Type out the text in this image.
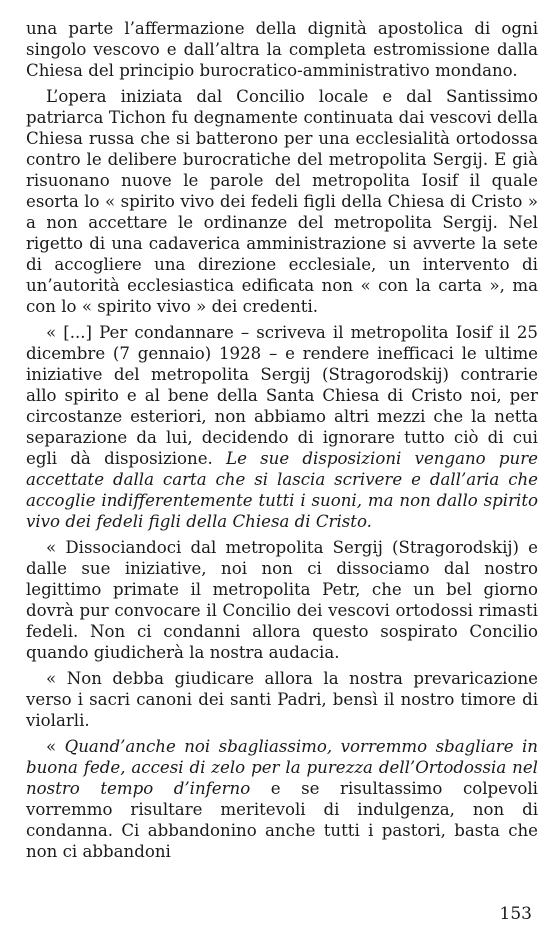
una parte l’affermazione della dignità apostolica di ogni singolo vescovo e dall’altra la completa estromissione dalla Chiesa del principio burocratico-amministrativo mondano.

L’opera iniziata dal Concilio locale e dal Santissimo patriarca Tichon fu degnamente continuata dai vescovi della Chiesa russa che si batterono per una ecclesialità ortodossa contro le delibere burocratiche del metropolita Sergij. E già risuonano nuove le parole del metropolita Iosif il quale esorta lo « spirito vivo dei fedeli figli della Chiesa di Cristo » a non accettare le ordinanze del metropolita Sergij. Nel rigetto di una cadaverica amministrazione si avverte la sete di accogliere una direzione ecclesiale, un intervento di un’autorità ecclesiastica edificata non « con la carta », ma con lo « spirito vivo » dei credenti.

« [...] Per condannare – scriveva il metropolita Iosif il 25 dicembre (7 gennaio) 1928 – e rendere inefficaci le ultime iniziative del metropolita Sergij (Stragorodskij) contrarie allo spirito e al bene della Santa Chiesa di Cristo noi, per circostanze esteriori, non abbiamo altri mezzi che la netta separazione da lui, decidendo di ignorare tutto ciò di cui egli dà disposizione. Le sue disposizioni vengano pure accettate dalla carta che si lascia scrivere e dall’aria che accoglie indifferentemente tutti i suoni, ma non dallo spirito vivo dei fedeli figli della Chiesa di Cristo.

« Dissociandoci dal metropolita Sergij (Stragorodskij) e dalle sue iniziative, noi non ci dissociamo dal nostro legittimo primate il metropolita Petr, che un bel giorno dovrà pur convocare il Concilio dei vescovi ortodossi rimasti fedeli. Non ci condanni allora questo sospirato Concilio quando giudicherà la nostra audacia.

« Non debba giudicare allora la nostra prevaricazione verso i sacri canoni dei santi Padri, bensì il nostro timore di violarli.

« Quand’anche noi sbagliassimo, vorremmo sbagliare in buona fede, accesi di zelo per la purezza dell’Ortodossia nel nostro tempo d’inferno e se risultassimo colpevoli vorremmo risultare meritevoli di indulgenza, non di condanna. Ci abbandonino anche tutti i pastori, basta che non ci abbandoni

153
